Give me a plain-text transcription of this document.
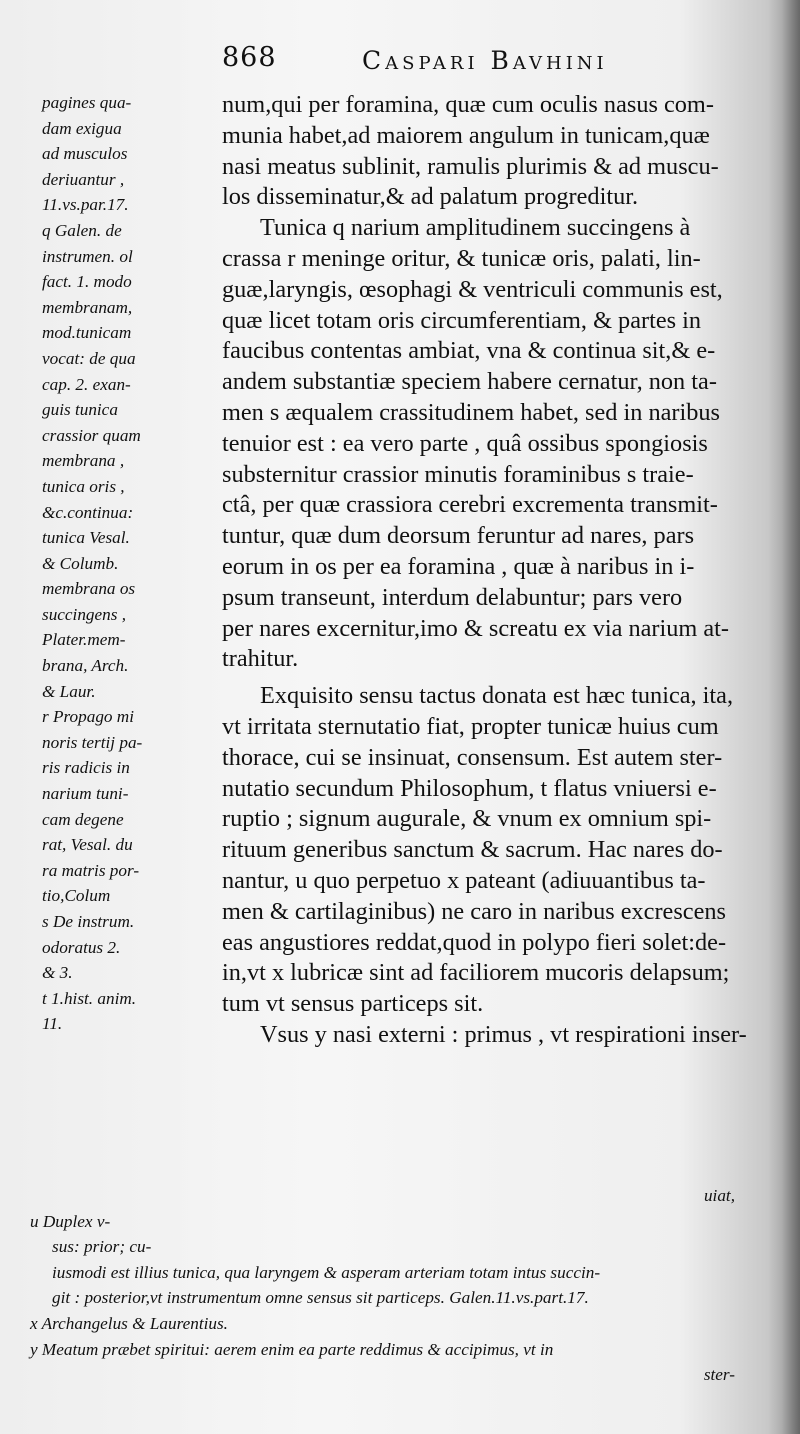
868	Caspari Bavhini
pagines qua-
dam exigua
ad musculos
deriuantur ,
11.vs.par.17.
q Galen. de
instrumen. ol
fact. 1. modo
membranam,
mod.tunicam
vocat: de qua
cap. 2. exan-
guis tunica
crassior quam
membrana ,
tunica oris ,
&c.continua:
tunica Vesal.
& Columb.
membrana os
succingens ,
Plater.mem-
brana, Arch.
& Laur.
r Propago mi
noris tertij pa-
ris radicis in
narium tuni-
cam degene
rat, Vesal. du
ra matris por-
tio,Colum
s De instrum.
odoratus 2.
& 3.
t 1.hist. anim.
11.
num,qui per foramina, quæ cum oculis nasus com-
munia habet,ad maiorem angulum in tunicam,quæ
nasi meatus sublinit, ramulis plurimis & ad muscu-
los disseminatur,& ad palatum progreditur.
Tunica q narium amplitudinem succingens à
crassa r meninge oritur, & tunicæ oris, palati, lin-
guæ,laryngis, œsophagi & ventriculi communis est,
quæ licet totam oris circumferentiam, & partes in
faucibus contentas ambiat, vna & continua sit,& e-
andem substantiæ speciem habere cernatur, non ta-
men s æqualem crassitudinem habet, sed in naribus
tenuior est : ea vero parte , quâ ossibus spongiosis
substernitur crassior minutis foraminibus s traie-
ctâ, per quæ crassiora cerebri excrementa transmit-
tuntur, quæ dum deorsum feruntur ad nares, pars
eorum in os per ea foramina , quæ à naribus in i-
psum transeunt, interdum delabuntur; pars vero
per nares excernitur,imo & screatu ex via narium at-
trahitur.
Exquisito sensu tactus donata est hæc tunica, ita,
vt irritata sternutatio fiat, propter tunicæ huius cum
thorace, cui se insinuat, consensum. Est autem ster-
nutatio secundum Philosophum, t flatus vniuersi e-
ruptio ; signum augurale, & vnum ex omnium spi-
rituum generibus sanctum & sacrum. Hac nares do-
nantur, u quo perpetuo x pateant (adiuuantibus ta-
men & cartilaginibus) ne caro in naribus excrescens
eas angustiores reddat,quod in polypo fieri solet:de-
in,vt x lubricæ sint ad faciliorem mucoris delapsum;
tum vt sensus particeps sit.
Vsus y nasi externi : primus , vt respirationi inser-
uiat,
u Duplex v-
sus: prior; cu-
iusmodi est illius tunica, qua laryngem & asperam arteriam totam intus succin-
git : posterior,vt instrumentum omne sensus sit particeps. Galen.11.vs.part.17.
x Archangelus & Laurentius.
y Meatum præbet spiritui: aerem enim ea parte reddimus & accipimus, vt in
ster-
